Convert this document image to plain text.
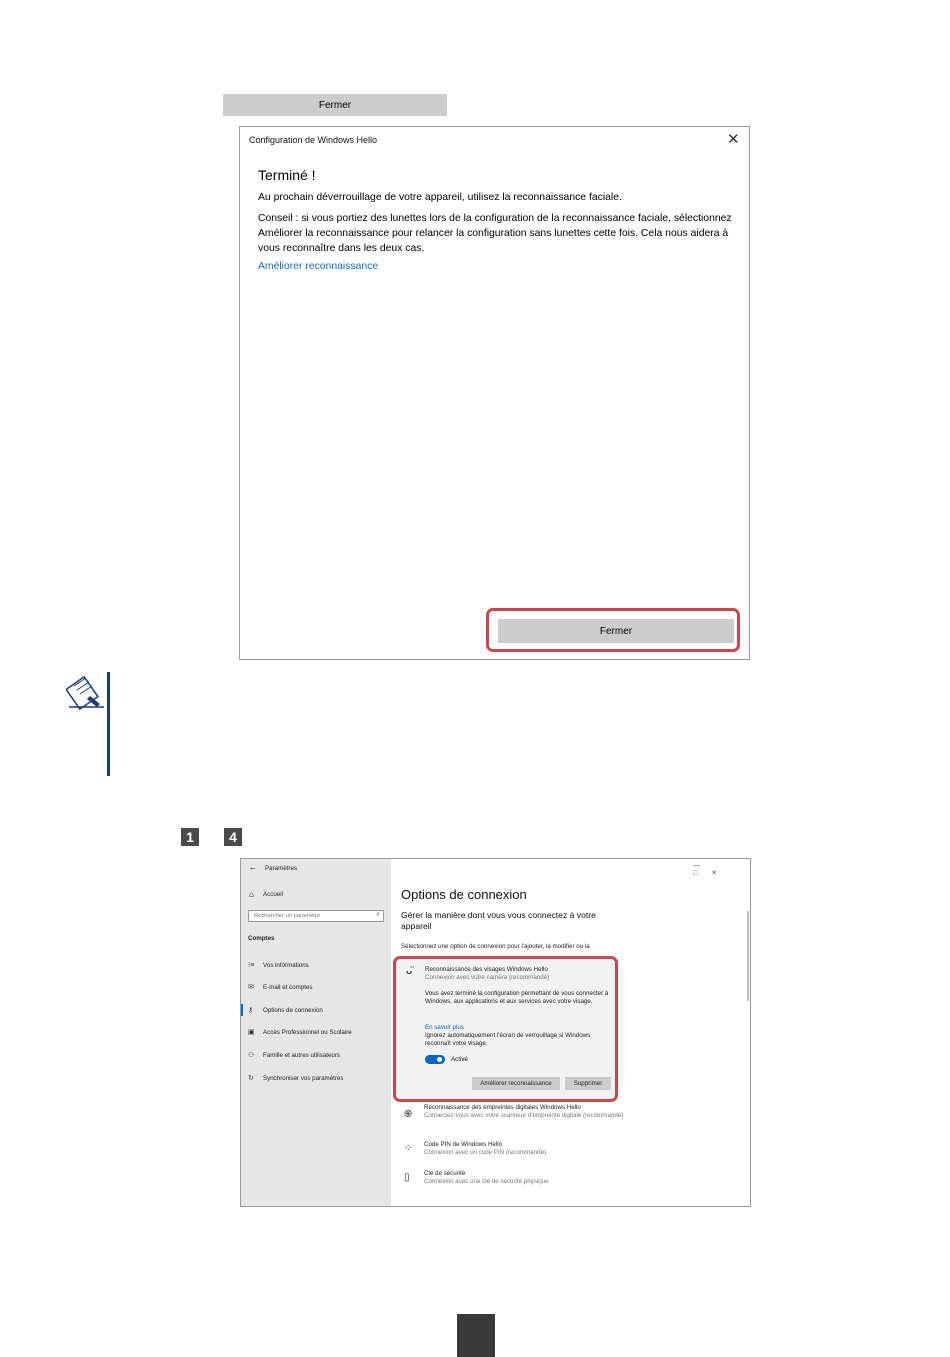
Fermer
Configuration de Windows Hello	✕
Terminé !
Au prochain déverrouillage de votre appareil, utilisez la reconnaissance faciale.
Conseil : si vous portiez des lunettes lors de la configuration de la reconnaissance faciale, sélectionnez Améliorer la reconnaissance pour relancer la configuration sans lunettes cette fois. Cela nous aidera à vous reconnaître dans les deux cas.
Améliorer reconnaissance
Fermer
1	4
← Paramètres
⌂ Accueil
Rechercher un paramètre	⌕
Comptes
⁝≡ Vos informations
✉ E-mail et comptes
⚷ Options de connexion
▣ Accès Professionnel ou Scolaire
⚇ Famille et autres utilisateurs
↻ Synchroniser vos paramètres
—□✕
Options de connexion
Gérer la manière dont vous vous connectez à votre appareil
Sélectionnez une option de connexion pour l'ajouter, la modifier ou la
ᴗ̈ Reconnaissance des visages Windows Hello
Connexion avec votre caméra (recommandé)
Vous avez terminé la configuration permettant de vous connecter à Windows, aux applications et aux services avec votre visage.
En savoir plus
Ignorez automatiquement l'écran de verrouillage si Windows reconnaît votre visage.
Activé
Améliorer reconnaissance	Supprimer
֍
Reconnaissance des empreintes digitales Windows Hello
Connectez-vous avec votre scanneur d'empreinte digitale (recommandé)
⁘ Code PIN de Windows Hello
Connexion avec un code PIN (recommandé)
▯ Clé de sécurité
Connexion avec une clé de sécurité physique
